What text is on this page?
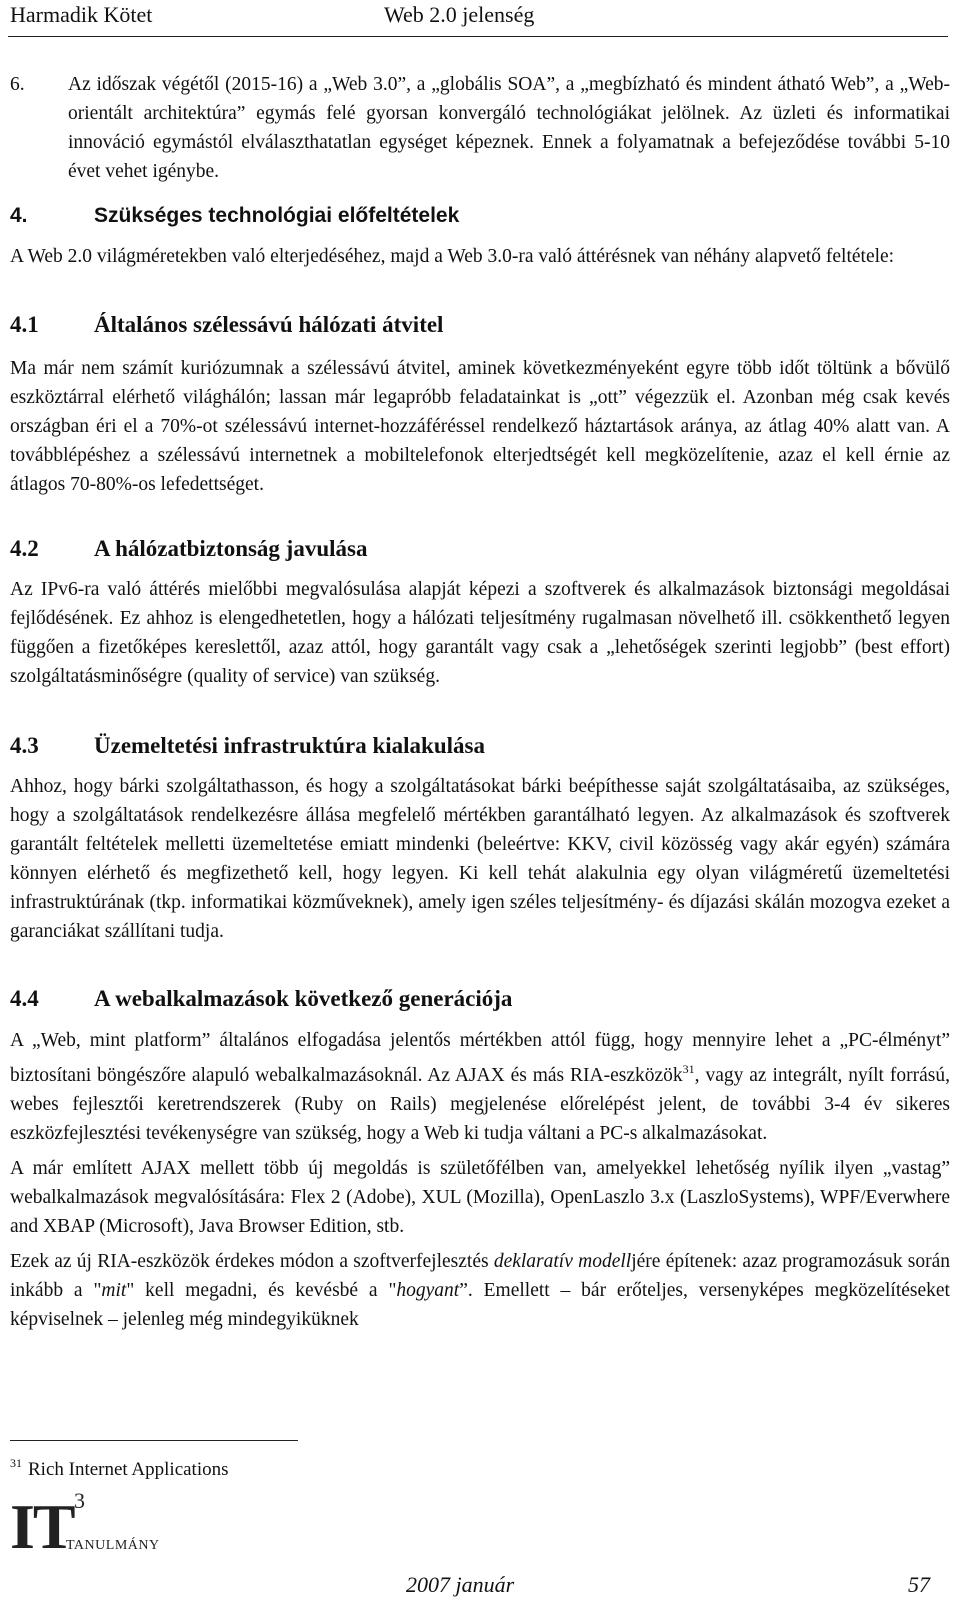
Harmadik Kötet	Web 2.0 jelenség
6. Az időszak végétől (2015-16) a „Web 3.0”, a „globális SOA”, a „megbízható és mindent átható Web”, a „Web-orientált architektúra” egymás felé gyorsan konvergáló technológiákat jelölnek. Az üzleti és informatikai innováció egymástól elválaszthatatlan egységet képeznek. Ennek a folyamatnak a befejeződése további 5-10 évet vehet igénybe.
4.	Szükséges technológiai előfeltételek

A Web 2.0 világméretekben való elterjedéséhez, majd a Web 3.0-ra való áttérésnek van néhány alapvető feltétele:

4.1 Általános szélessávú hálózati átvitel

Ma már nem számít kuriózumnak a szélessávú átvitel, aminek következményeként egyre több időt töltünk a bővülő eszköztárral elérhető világhálón; lassan már legapróbb feladatainkat is „ott” végezzük el. Azonban még csak kevés országban éri el a 70%-ot szélessávú internet-hozzáféréssel rendelkező háztartások aránya, az átlag 40% alatt van. A továbblépéshez a szélessávú internetnek a mobiltelefonok elterjedtségét kell megközelítenie, azaz el kell érnie az átlagos 70-80%-os lefedettséget.

4.2 A hálózatbiztonság javulása

Az IPv6-ra való áttérés mielőbbi megvalósulása alapját képezi a szoftverek és alkalmazások biztonsági megoldásai fejlődésének. Ez ahhoz is elengedhetetlen, hogy a hálózati teljesítmény rugalmasan növelhető ill. csökkenthető legyen függően a fizetőképes kereslettől, azaz attól, hogy garantált vagy csak a „lehetőségek szerinti legjobb” (best effort) szolgáltatásminőségre (quality of service) van szükség.

4.3 Üzemeltetési infrastruktúra kialakulása

Ahhoz, hogy bárki szolgáltathasson, és hogy a szolgáltatásokat bárki beépíthesse saját szolgáltatásaiba, az szükséges, hogy a szolgáltatások rendelkezésre állása megfelelő mértékben garantálható legyen. Az alkalmazások és szoftverek garantált feltételek melletti üzemeltetése emiatt mindenki (beleértve: KKV, civil közösség vagy akár egyén) számára könnyen elérhető és megfizethető kell, hogy legyen. Ki kell tehát alakulnia egy olyan világméretű üzemeltetési infrastruktúrának (tkp. informatikai közműveknek), amely igen széles teljesítmény- és díjazási skálán mozogva ezeket a garanciákat szállítani tudja.

4.4 A webalkalmazások következő generációja

A „Web, mint platform” általános elfogadása jelentős mértékben attól függ, hogy mennyire lehet a „PC-élményt” biztosítani böngészőre alapuló webalkalmazásoknál. Az AJAX és más RIA-eszközök$^{31}$, vagy az integrált, nyílt forrású, webes fejlesztői keretrendszerek (Ruby on Rails) megjelenése előrelépést jelent, de további 3-4 év sikeres eszközfejlesztési tevékenységre van szükség, hogy a Web ki tudja váltani a PC-s alkalmazásokat.

A már említett AJAX mellett több új megoldás is születőfélben van, amelyekkel lehetőség nyílik ilyen „vastag” webalkalmazások megvalósítására: Flex 2 (Adobe), XUL (Mozilla), OpenLaszlo 3.x (LaszloSystems), WPF/Everwhere and XBAP (Microsoft), Java Browser Edition, stb.

Ezek az új RIA-eszközök érdekes módon a szoftverfejlesztés deklaratív modelljére építenek: azaz programozásuk során inkább a "mit" kell megadni, és kevésbé a "hogyant”. Emellett – bár erőteljes, versenyképes megközelítéseket képviselnek – jelenleg még mindegyiküknek

$^{31}$ Rich Internet Applications
IT 3
TANULMÁNY
2007 január	57
